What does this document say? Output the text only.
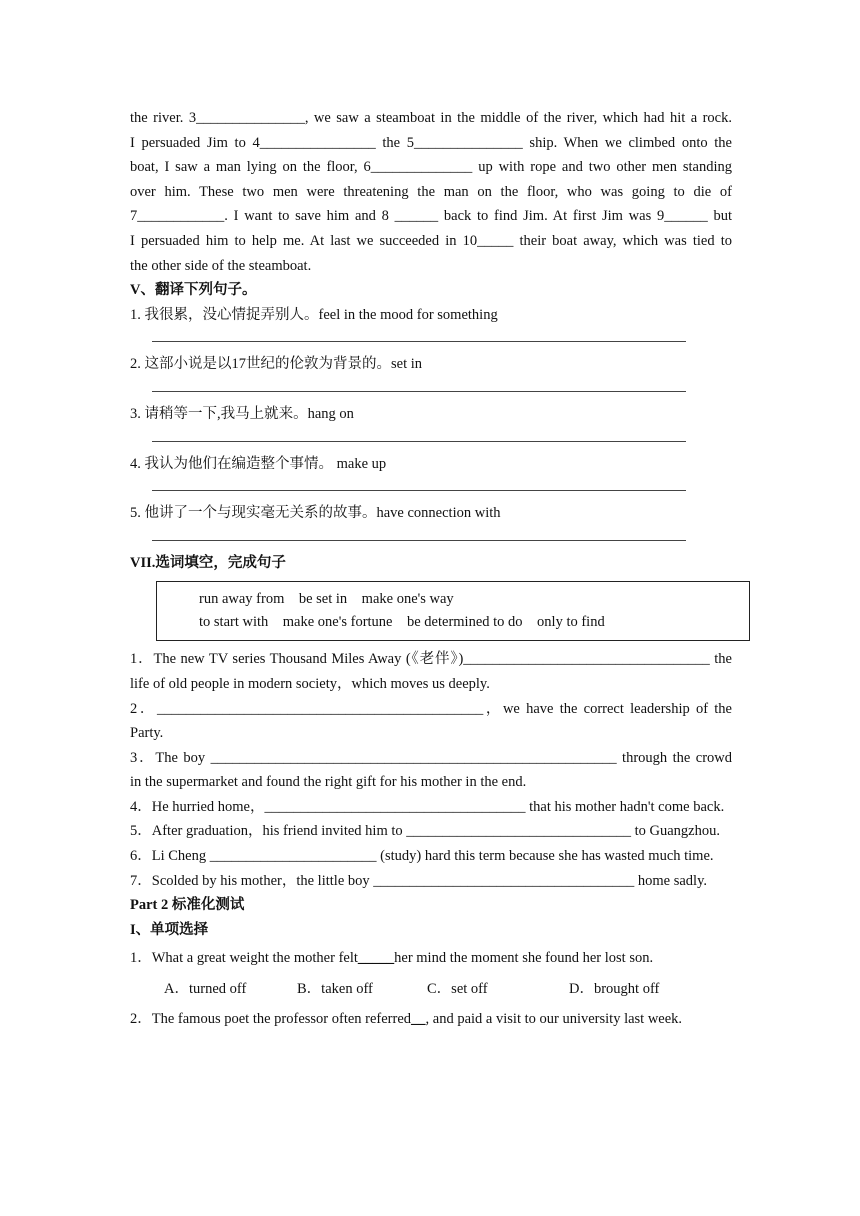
the river. 3_______________, we saw a steamboat in the middle of the river, which had hit a rock.

I persuaded Jim to 4________________ the 5_______________ ship. When we climbed onto the

boat, I saw a man lying on the floor, 6______________ up with rope and two other men standing

over him. These two men were threatening the man on the floor, who was going to die of

7____________. I want to save him and 8 ______ back to find Jim. At first Jim was 9______ but

I persuaded him to help me. At last we succeeded in 10_____ their boat away, which was tied to

the other side of the steamboat.

V、翻译下列句子。

1. 我很累，没心情捉弄别人。feel in the mood for something
2. 这部小说是以17世纪的伦敦为背景的。set in
3. 请稍等一下,我马上就来。hang on
4. 我认为他们在编造整个事情。 make up
5. 他讲了一个与现实毫无关系的故事。have connection with

VII.选词填空，完成句子

run away from    be set in    make one's way
to start with    make one's fortune    be determined to do    only to find

1．The new TV series Thousand Miles Away (《老伴》)__________________________________ the life of old people in modern society，which moves us deeply.

2．_____________________________________________，we have the correct leadership of the Party.

3．The boy ________________________________________________________ through the crowd in the supermarket and found the right gift for his mother in the end.

4．He hurried home，____________________________________ that his mother hadn't come back.

5．After graduation，his friend invited him to _______________________________ to Guangzhou.

6．Li Cheng _______________________ (study) hard this term because she has wasted much time.

7．Scolded by his mother，the little boy ____________________________________ home sadly.

Part 2 标准化测试

I、单项选择

1．What a great weight the mother felt_____her mind the moment she found her lost son.
A．turned off	B．taken off	C．set off	D．brought off
2．The famous poet the professor often referred__, and paid a visit to our university last week.
